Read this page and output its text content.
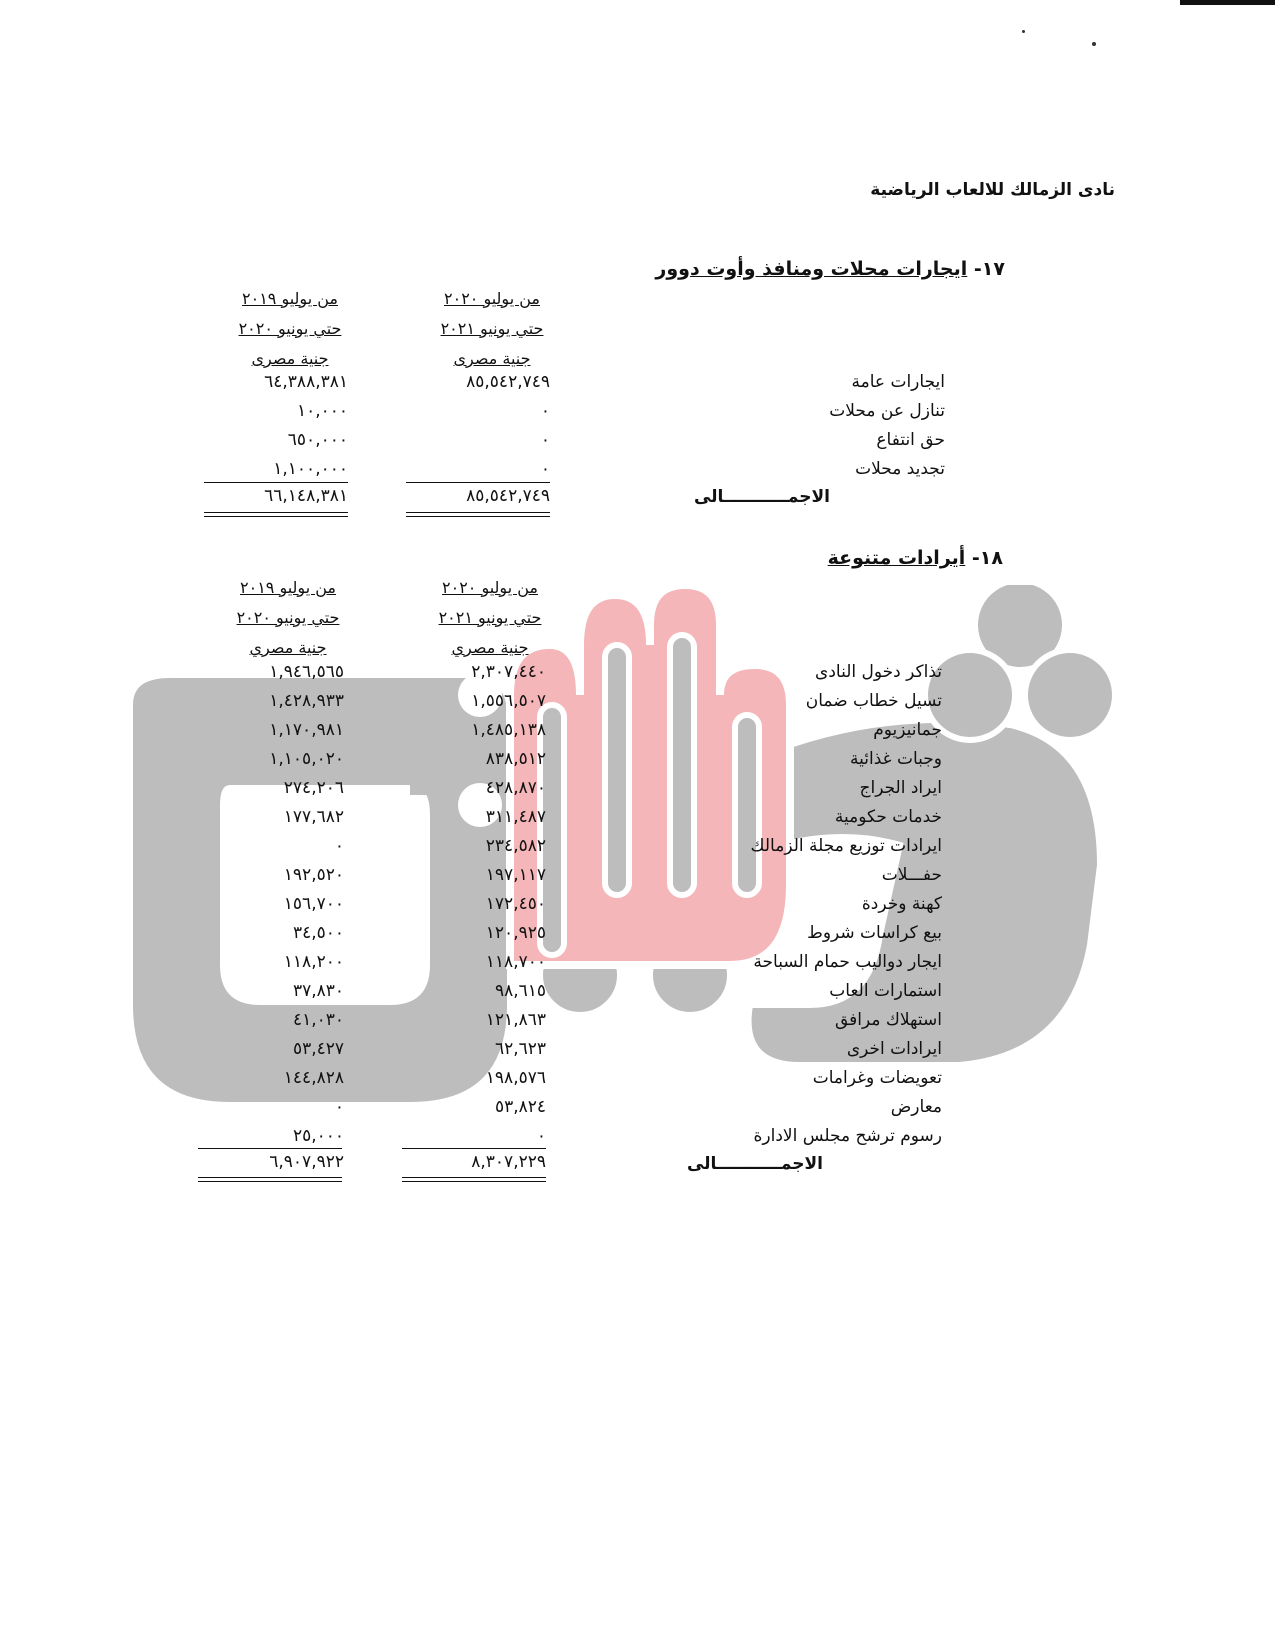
نادى الزمالك للالعاب الرياضية
١٧- ايجارات محلات ومنافذ وأوت دوور
من يوليو ٢٠٢٠
حتي يونيو ٢٠٢١
جنية مصرى
من يوليو ٢٠١٩
حتي يونيو ٢٠٢٠
جنية مصرى
ايجارات عامة
٨٥,٥٤٢,٧٤٩
٦٤,٣٨٨,٣٨١
تنازل عن محلات
٠
١٠,٠٠٠
حق انتفاع
٠
٦٥٠,٠٠٠
تجديد محلات
٠
١,١٠٠,٠٠٠
الاجمـــــــــــالى
٨٥,٥٤٢,٧٤٩
٦٦,١٤٨,٣٨١
١٨- أيرادات متنوعة
من يوليو ٢٠٢٠
حتي يونيو ٢٠٢١
جنية مصري
من يوليو ٢٠١٩
حتي يونيو ٢٠٢٠
جنية مصري
تذاكر دخول النادى
٢,٣٠٧,٤٤٠
١,٩٤٦,٥٦٥
تسيل خطاب ضمان
١,٥٥٦,٥٠٧
١,٤٢٨,٩٣٣
جمانيزيوم
١,٤٨٥,١٣٨
١,١٧٠,٩٨١
وجبات غذائية
٨٣٨,٥١٢
١,١٠٥,٠٢٠
ايراد الجراج
٤٢٨,٨٧٠
٢٧٤,٢٠٦
خدمات حكومية
٣١١,٤٨٧
١٧٧,٦٨٢
ايرادات توزيع مجلة الزمالك
٢٣٤,٥٨٢
٠
حفـــلات
١٩٧,١١٧
١٩٢,٥٢٠
كهنة وخردة
١٧٢,٤٥٠
١٥٦,٧٠٠
بيع كراسات شروط
١٢٠,٩٢٥
٣٤,٥٠٠
ايجار دواليب حمام السباحة
١١٨,٧٠٠
١١٨,٢٠٠
استمارات العاب
٩٨,٦١٥
٣٧,٨٣٠
استهلاك مرافق
١٢١,٨٦٣
٤١,٠٣٠
ايرادات اخرى
٦٢,٦٢٣
٥٣,٤٢٧
تعويضات وغرامات
١٩٨,٥٧٦
١٤٤,٨٢٨
معارض
٥٣,٨٢٤
٠
رسوم ترشح مجلس الادارة
٠
٢٥,٠٠٠
الاجمـــــــــــالى
٨,٣٠٧,٢٢٩
٦,٩٠٧,٩٢٢
